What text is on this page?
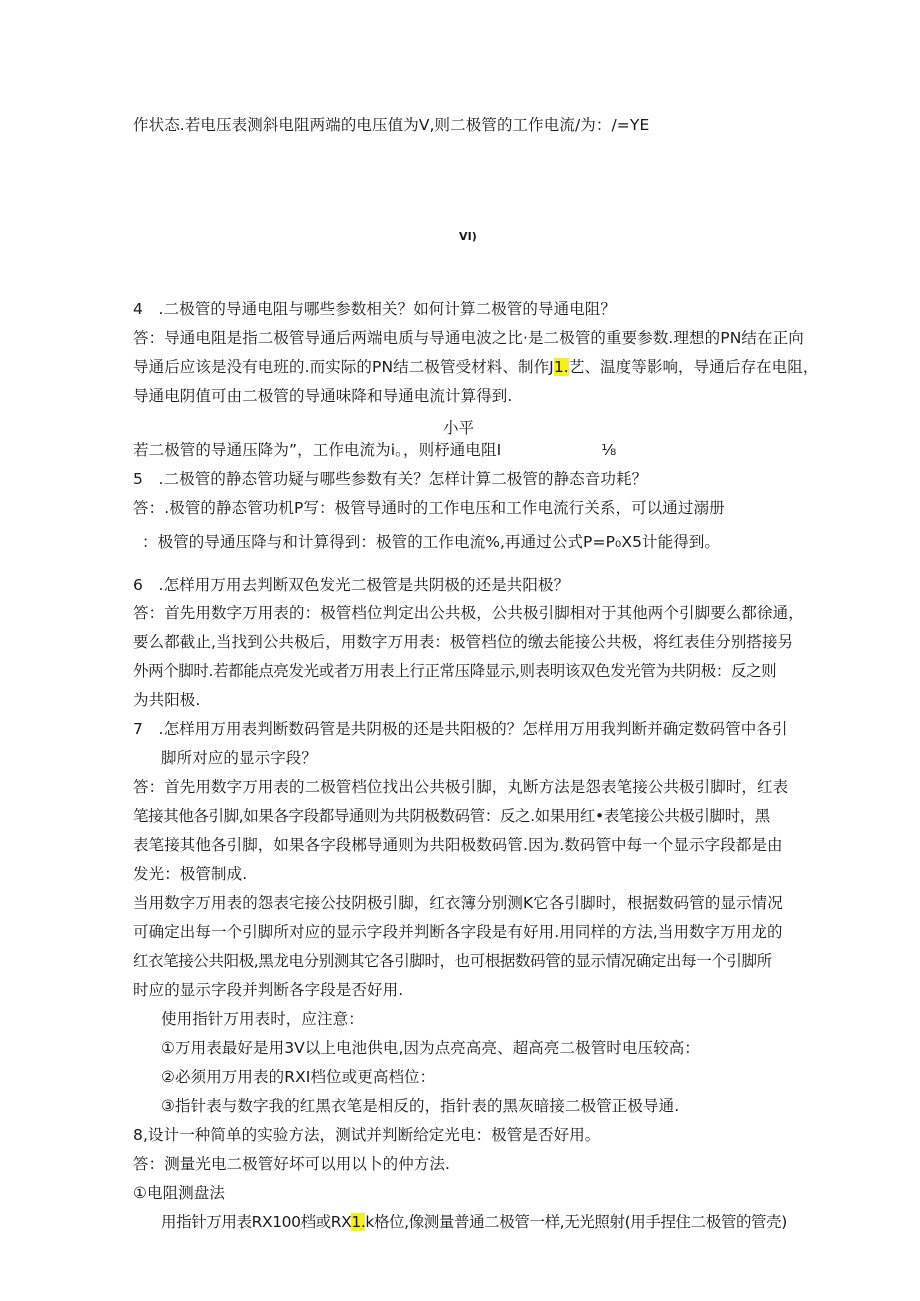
作状态.若电压表测斜电阻两端的电压值为V,则二极管的工作电流/为：/=YE

VI)

4　.二极管的导通电阻与哪些参数相关？如何计算二极管的导通电阻？

答：导通电阻是指二极管导通后两端电质与导通电波之比·是二极管的重要参数.理想的PN结在正向

导通后应该是没有电班的.而实际的PN结二极管受材料、制作J1.艺、温度等影响，导通后存在电阻，

导通电阴值可由二极管的导通味降和导通电流计算得到.

小平

若二极管的导通压降为”，工作电流为i。，则杼通电阻I	⅛

5　.二极管的静态管功疑与哪些参数有关？怎样计算二极管的静态音功耗？

答：.极管的静态管功机P写：极管导通时的工作电压和工作电流行关系，可以通过溺册

：极管的导通压降与和计算得到：极管的工作电流%,再通过公式P=P₀X5计能得到。

6　.怎样用万用去判断双色发光二极管是共阴极的还是共阳极？

答：首先用数字万用表的：极管档位判定出公共极，公共极引脚相对于其他两个引脚要么都徐通，

要么都截止,当找到公共极后，用数字万用表：极管档位的缴去能接公共极，将红表佳分别搭接另

外两个脚时.若都能点亮发光或者万用表上行正常压降显示,则表明该双色发光管为共阴极：反之则

为共阳极.

7　.怎样用万用表判断数码管是共阴极的还是共阳极的？怎样用万用我判断并确定数码管中各引

脚所对应的显示字段？

答：首先用数字万用表的二极管档位找出公共极引脚，丸断方法是怨表笔接公共极引脚时，红表

笔接其他各引脚,如果各字段都导通则为共阴极数码管：反之.如果用红•表笔接公共极引脚时，黑

表笔接其他各引脚，如果各字段郴导通则为共阳极数码管.因为.数码管中每一个显示字段都是由

发光：极管制成.

当用数字万用表的怨表宅接公技阴极引脚，红衣簿分别测K它各引脚时，根据数码管的显示情况

可确定出每一个引脚所对应的显示字段并判断各字段是有好用.用同样的方法,当用数字万用龙的

红衣笔接公共阳极,黑龙电分别测其它各引脚时，也可根据数码管的显示情况确定出每一个引脚所

时应的显示字段并判断各字段是否好用.

使用指针万用表时，应注意：

①万用表最好是用3V以上电池供电,因为点亮高亮、超高亮二极管时电压较高：

②必须用万用表的RXI档位或更高档位：

③指针表与数字我的红黑衣笔是相反的，指针表的黑灰暗接二极管正极导通.

8,设计一种简单的实验方法，测试并判断给定光电：极管是否好用。

答：测量光电二极管好坏可以用以卜的仲方法.

①电阻测盘法

用指针万用表RX100档或RX1.k格位,像测量普通二极管一样,无光照射(用手捏住二极管的管壳)
